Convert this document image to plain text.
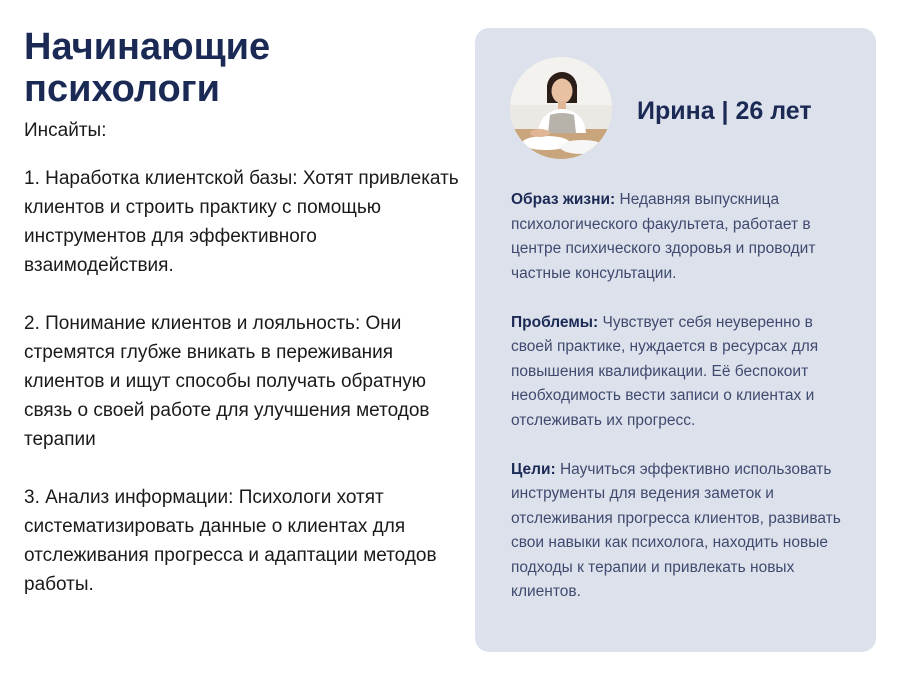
Начинающие психологи
Инсайты:

1. Наработка клиентской базы: Хотят привлекать клиентов и строить практику с помощью инструментов для эффективного взаимодействия.

2. Понимание клиентов и лояльность: Они стремятся глубже вникать в переживания клиентов и ищут способы получать обратную связь о своей работе для улучшения методов терапии

3. Анализ информации: Психологи хотят систематизировать данные о клиентах для отслеживания прогресса и адаптации методов работы.

Ирина | 26 лет

Образ жизни: Недавняя выпускница психологического факультета, работает в центре психического здоровья и проводит частные консультации.

Проблемы: Чувствует себя неуверенно в своей практике, нуждается в ресурсах для повышения квалификации. Её беспокоит необходимость вести записи о клиентах и отслеживать их прогресс.

Цели: Научиться эффективно использовать инструменты для ведения заметок и отслеживания прогресса клиентов, развивать свои навыки как психолога, находить новые подходы к терапии и привлекать новых клиентов.
